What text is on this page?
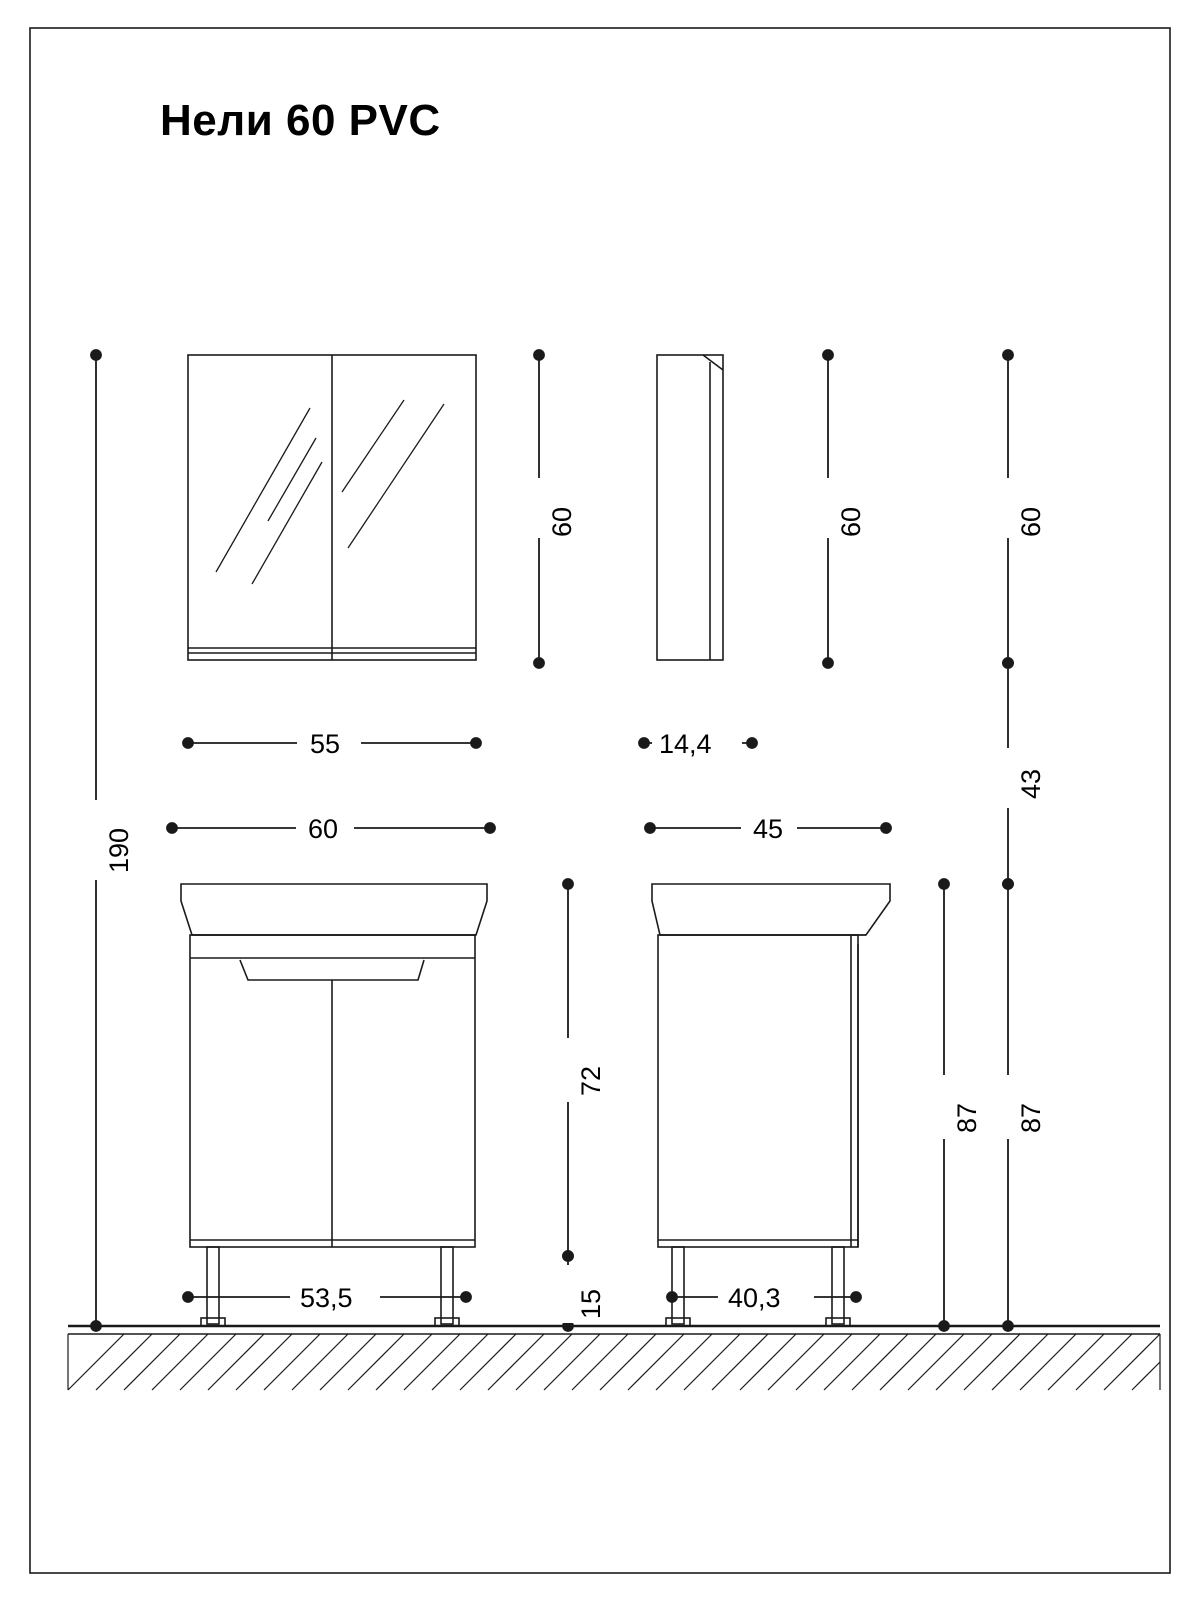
Нели 60 PVC
60	60	60
43
87
87
72
15
190
55	14,4
60	45
53,5	40,3
